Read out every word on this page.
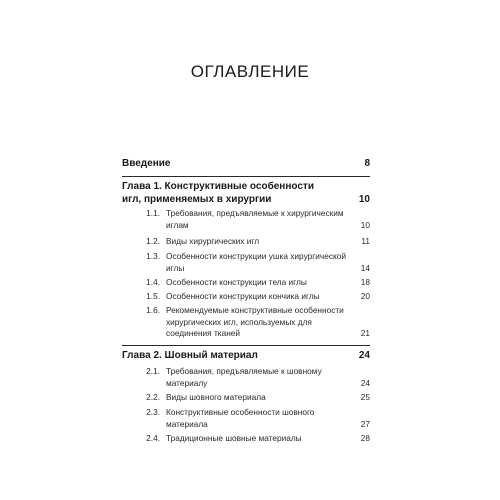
ОГЛАВЛЕНИЕ
Введение	8
Глава 1. Конструктивные особенности игл, применяемых в хирургии	10
1.1. Требования, предъявляемые к хирургическим иглам	10
1.2. Виды хирургических игл	11
1.3. Особенности конструкции ушка хирургической иглы	14
1.4. Особенности конструкции тела иглы	18
1.5. Особенности конструкции кончика иглы	20
1.6. Рекомендуемые конструктивные особенности хирургических игл, используемых для соединения тканей	21
Глава 2. Шовный материал	24
2.1. Требования, предъявляемые к шовному материалу	24
2.2. Виды шовного материала	25
2.3. Конструктивные особенности шовного материала	27
2.4. Традиционные шовные материалы	28
